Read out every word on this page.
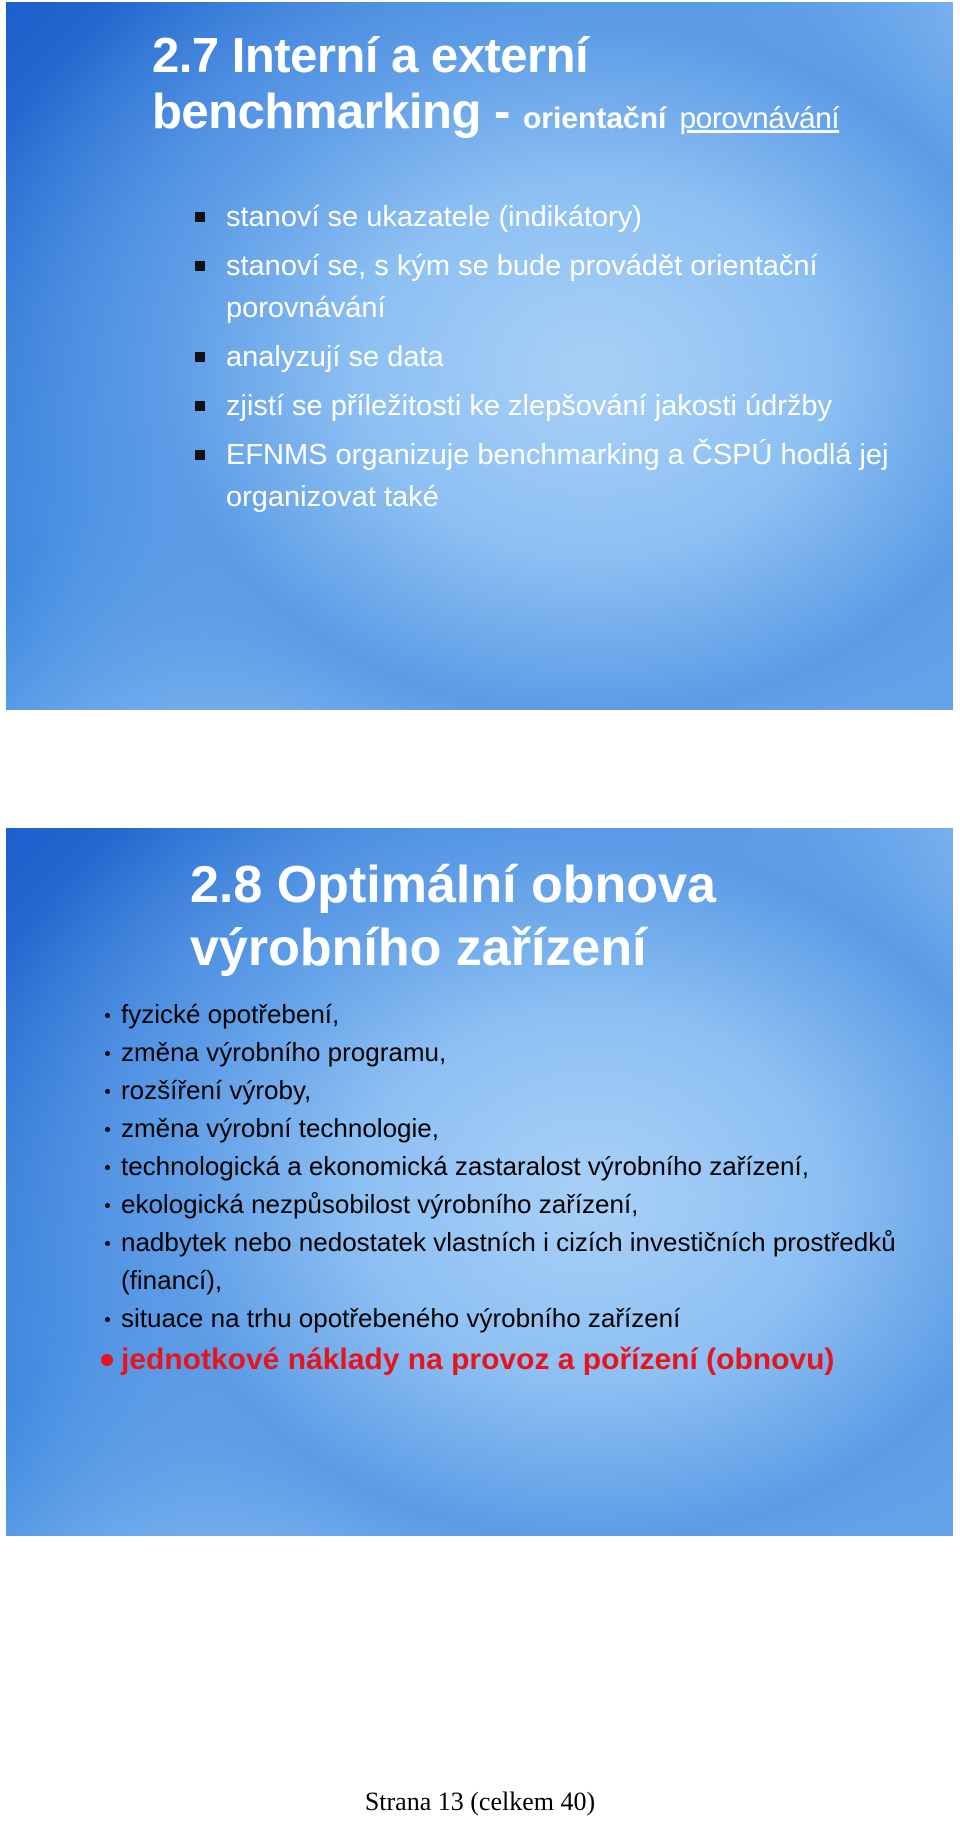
2.7 Interní a externí
benchmarking - orientační porovnávání
stanoví se ukazatele (indikátory)
stanoví se, s kým se bude provádět orientační porovnávání
analyzují se data
zjistí se příležitosti ke zlepšování jakosti údržby
EFNMS organizuje benchmarking a ČSPÚ hodlá jej organizovat také
2.8 Optimální obnova
výrobního zařízení
fyzické opotřebení,
změna výrobního programu,
rozšíření výroby,
změna výrobní technologie,
technologická a ekonomická zastaralost výrobního zařízení,
ekologická nezpůsobilost výrobního zařízení,
nadbytek nebo nedostatek vlastních i cizích investičních prostředků (financí),
situace na trhu opotřebeného výrobního zařízení
jednotkové náklady na provoz a pořízení (obnovu)
Strana 13 (celkem 40)
